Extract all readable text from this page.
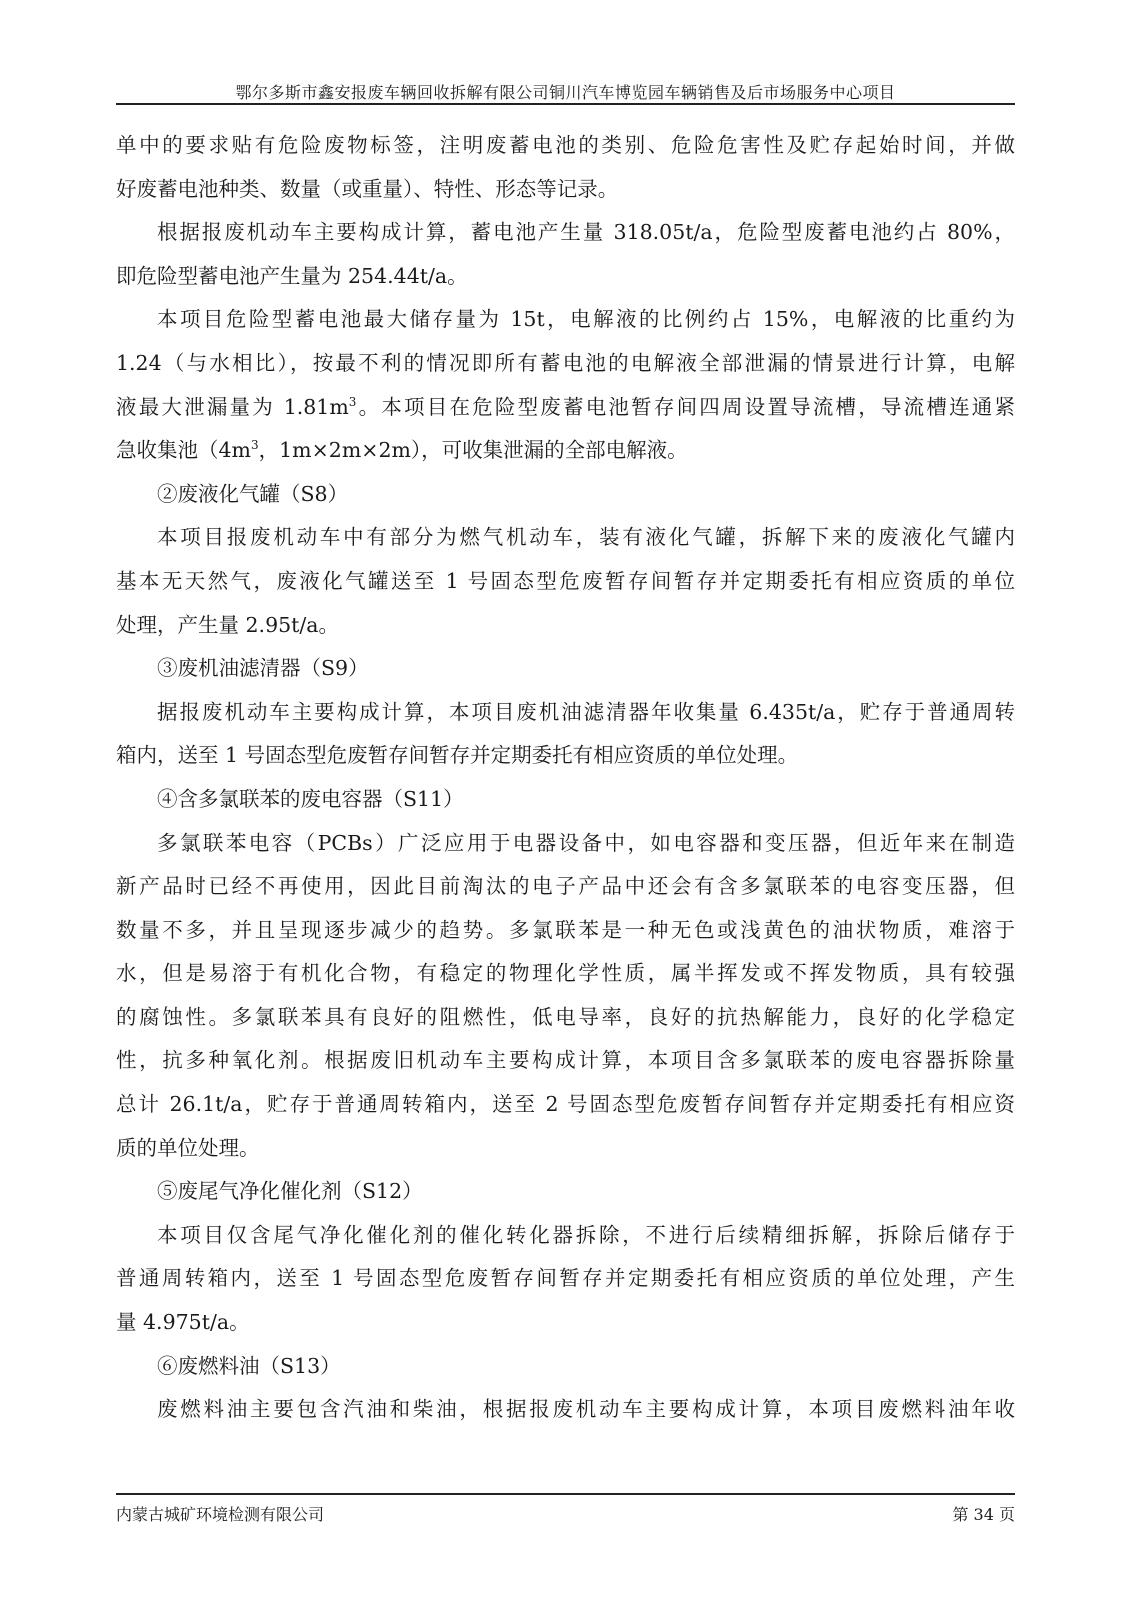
鄂尔多斯市鑫安报废车辆回收拆解有限公司铜川汽车博览园车辆销售及后市场服务中心项目

单中的要求贴有危险废物标签，注明废蓄电池的类别、危险危害性及贮存起始时间，并做
好废蓄电池种类、数量（或重量）、特性、形态等记录。

根据报废机动车主要构成计算，蓄电池产生量 318.05t/a，危险型废蓄电池约占 80%，
即危险型蓄电池产生量为 254.44t/a。

本项目危险型蓄电池最大储存量为 15t，电解液的比例约占 15%，电解液的比重约为
1.24（与水相比），按最不利的情况即所有蓄电池的电解液全部泄漏的情景进行计算，电解
液最大泄漏量为 $1.81m^3$。本项目在危险型废蓄电池暂存间四周设置导流槽，导流槽连通紧
急收集池（$4m^3$，1m×2m×2m），可收集泄漏的全部电解液。

②废液化气罐（S8）

本项目报废机动车中有部分为燃气机动车，装有液化气罐，拆解下来的废液化气罐内
基本无天然气，废液化气罐送至 1 号固态型危废暂存间暂存并定期委托有相应资质的单位
处理，产生量 2.95t/a。

③废机油滤清器（S9）

据报废机动车主要构成计算，本项目废机油滤清器年收集量 6.435t/a，贮存于普通周转
箱内，送至 1 号固态型危废暂存间暂存并定期委托有相应资质的单位处理。

④含多氯联苯的废电容器（S11）

多氯联苯电容（PCBs）广泛应用于电器设备中，如电容器和变压器，但近年来在制造
新产品时已经不再使用，因此目前淘汰的电子产品中还会有含多氯联苯的电容变压器，但
数量不多，并且呈现逐步减少的趋势。多氯联苯是一种无色或浅黄色的油状物质，难溶于
水，但是易溶于有机化合物，有稳定的物理化学性质，属半挥发或不挥发物质，具有较强
的腐蚀性。多氯联苯具有良好的阻燃性，低电导率，良好的抗热解能力，良好的化学稳定
性，抗多种氧化剂。根据废旧机动车主要构成计算，本项目含多氯联苯的废电容器拆除量
总计 26.1t/a，贮存于普通周转箱内，送至 2 号固态型危废暂存间暂存并定期委托有相应资
质的单位处理。

⑤废尾气净化催化剂（S12）

本项目仅含尾气净化催化剂的催化转化器拆除，不进行后续精细拆解，拆除后储存于
普通周转箱内，送至 1 号固态型危废暂存间暂存并定期委托有相应资质的单位处理，产生
量 4.975t/a。

⑥废燃料油（S13）

废燃料油主要包含汽油和柴油，根据报废机动车主要构成计算，本项目废燃料油年收

内蒙古城矿环境检测有限公司	第 34 页
